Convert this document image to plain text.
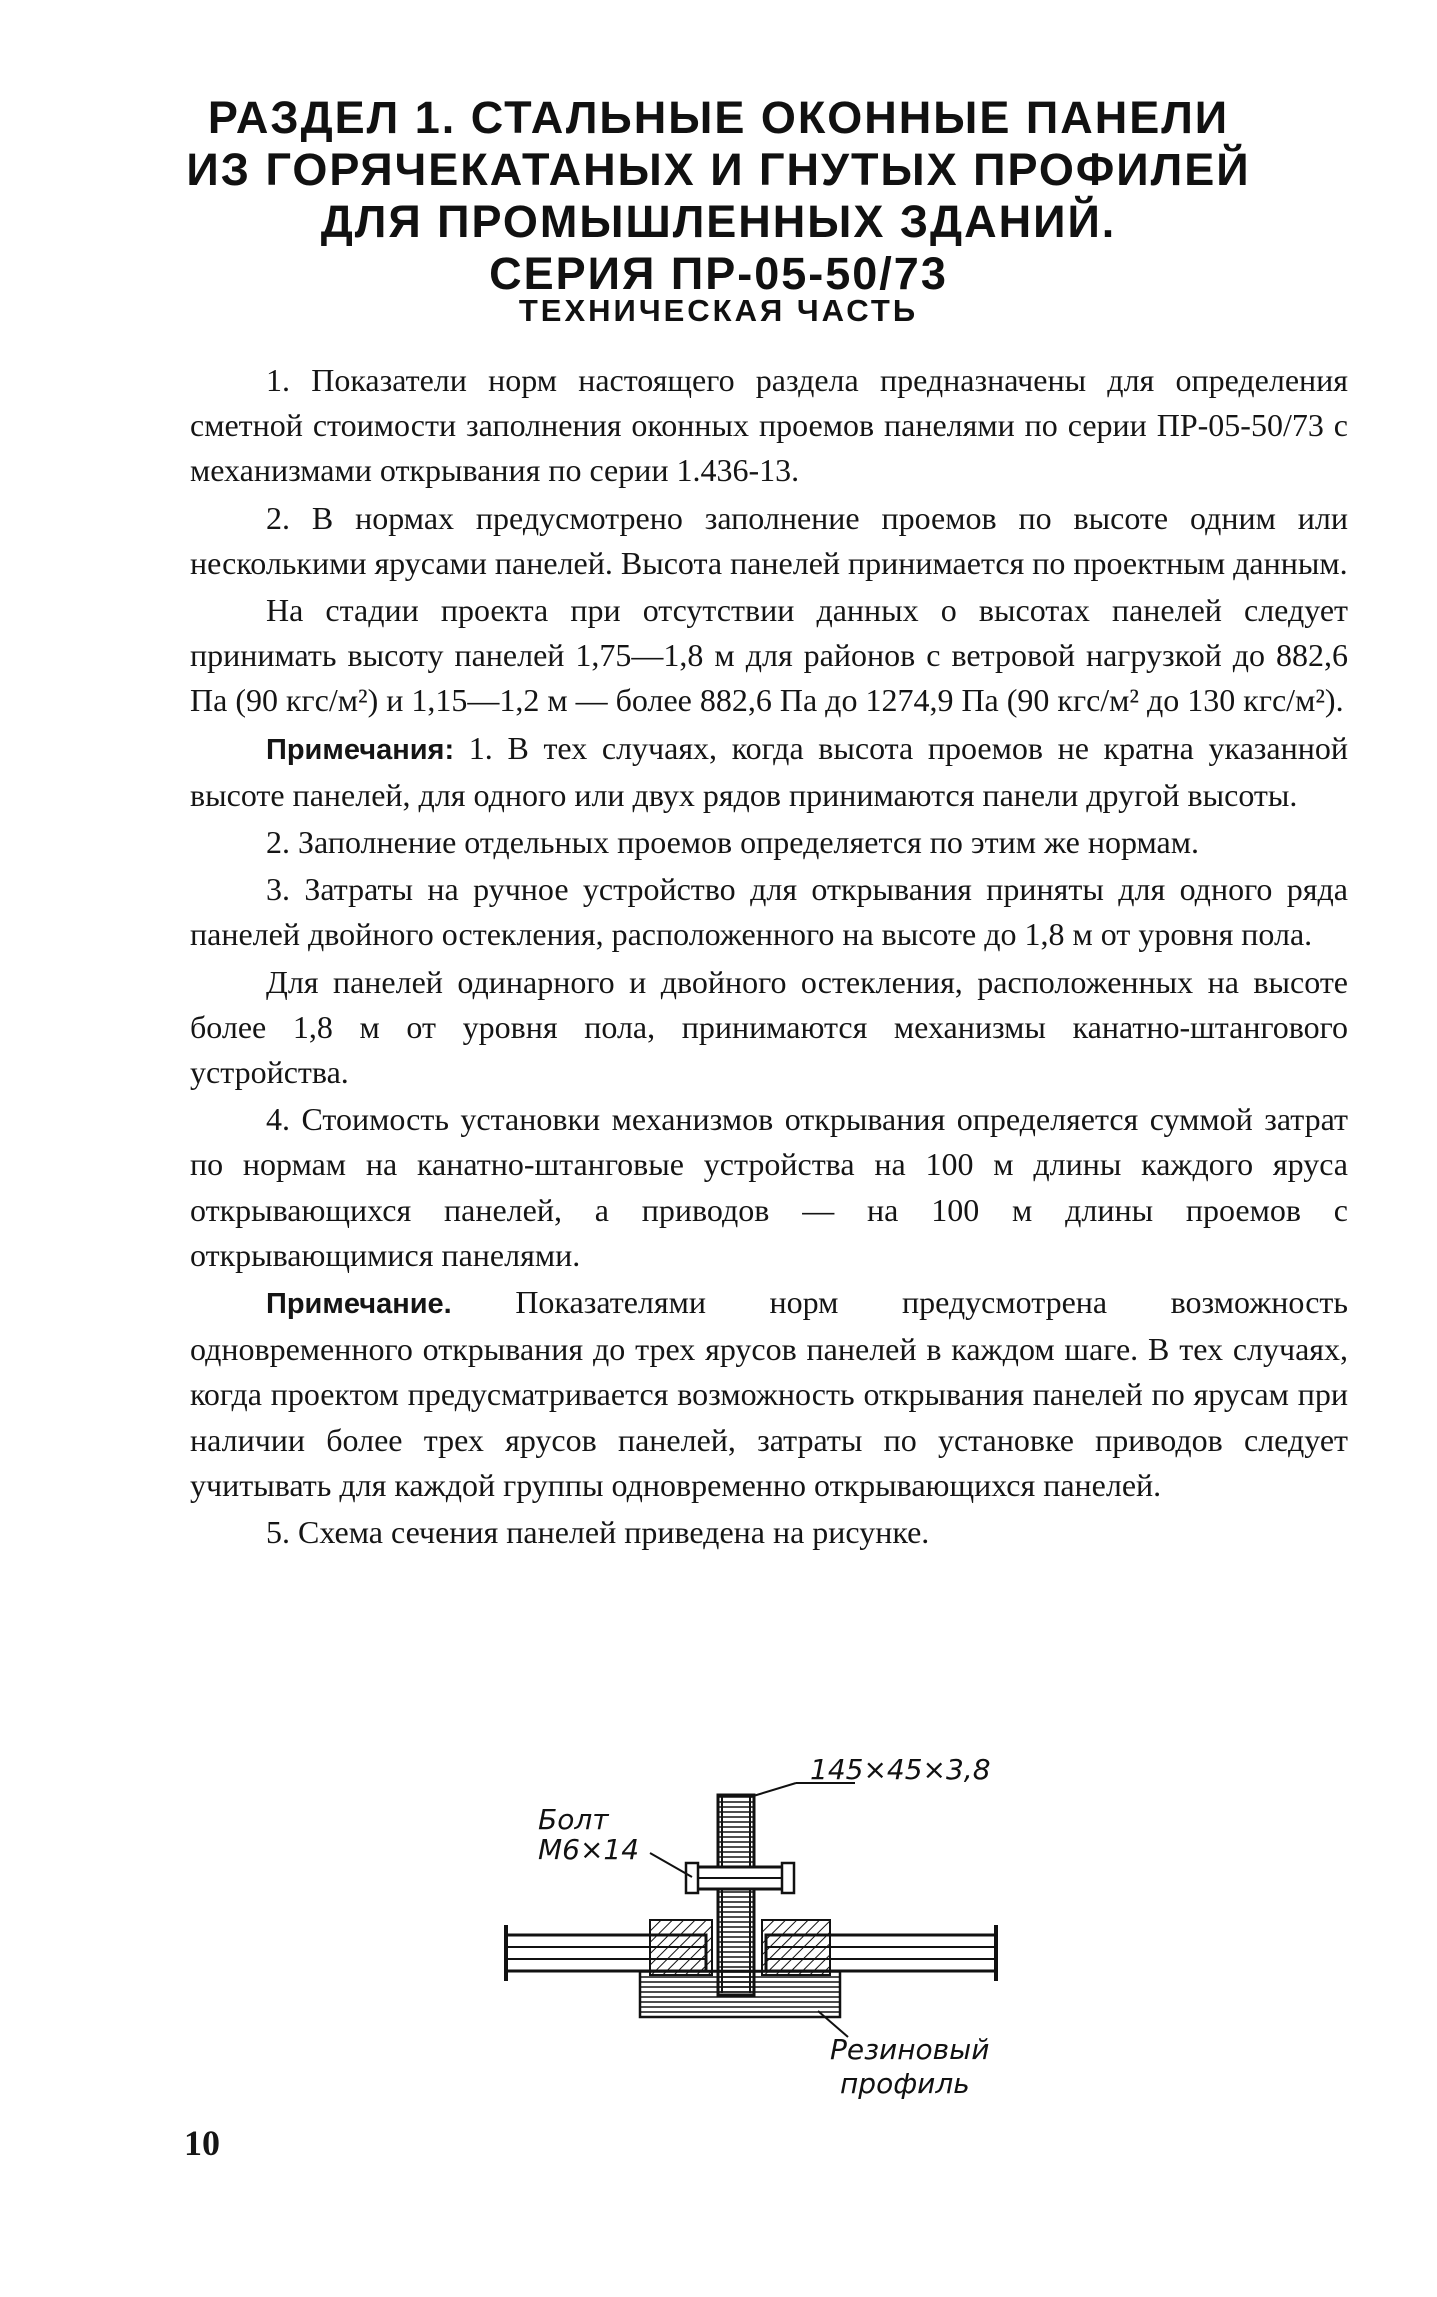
РАЗДЕЛ 1. СТАЛЬНЫЕ ОКОННЫЕ ПАНЕЛИ
ИЗ ГОРЯЧЕКАТАНЫХ И ГНУТЫХ ПРОФИЛЕЙ
ДЛЯ ПРОМЫШЛЕННЫХ ЗДАНИЙ.
СЕРИЯ ПР-05-50/73
ТЕХНИЧЕСКАЯ ЧАСТЬ

1. Показатели норм настоящего раздела предназначены для определения сметной стоимости заполнения оконных проемов панелями по серии ПР-05-50/73 с механизмами открывания по серии 1.436-13.

2. В нормах предусмотрено заполнение проемов по высоте одним или несколькими ярусами панелей. Высота панелей принимается по проектным данным.

На стадии проекта при отсутствии данных о высотах панелей следует принимать высоту панелей 1,75—1,8 м для районов с ветровой нагрузкой до 882,6 Па (90 кгс/м²) и 1,15—1,2 м — более 882,6 Па до 1274,9 Па (90 кгс/м² до 130 кгс/м²).

Примечания: 1. В тех случаях, когда высота проемов не кратна указанной высоте панелей, для одного или двух рядов принимаются панели другой высоты.

2. Заполнение отдельных проемов определяется по этим же нормам.

3. Затраты на ручное устройство для открывания приняты для одного ряда панелей двойного остекления, расположенного на высоте до 1,8 м от уровня пола.

Для панелей одинарного и двойного остекления, расположенных на высоте более 1,8 м от уровня пола, принимаются механизмы канатно-штангового устройства.

4. Стоимость установки механизмов открывания определяется суммой затрат по нормам на канатно-штанговые устройства на 100 м длины каждого яруса открывающихся панелей, а приводов — на 100 м длины проемов с открывающимися панелями.

Примечание. Показателями норм предусмотрена возможность одновременного открывания до трех ярусов панелей в каждом шаге. В тех случаях, когда проектом предусматривается возможность открывания панелей по ярусам при наличии более трех ярусов панелей, затраты по установке приводов следует учитывать для каждой группы одновременно открывающихся панелей.

5. Схема сечения панелей приведена на рисунке.

145×45×3,8
Болт
М6×14
Резиновый
профиль
10
